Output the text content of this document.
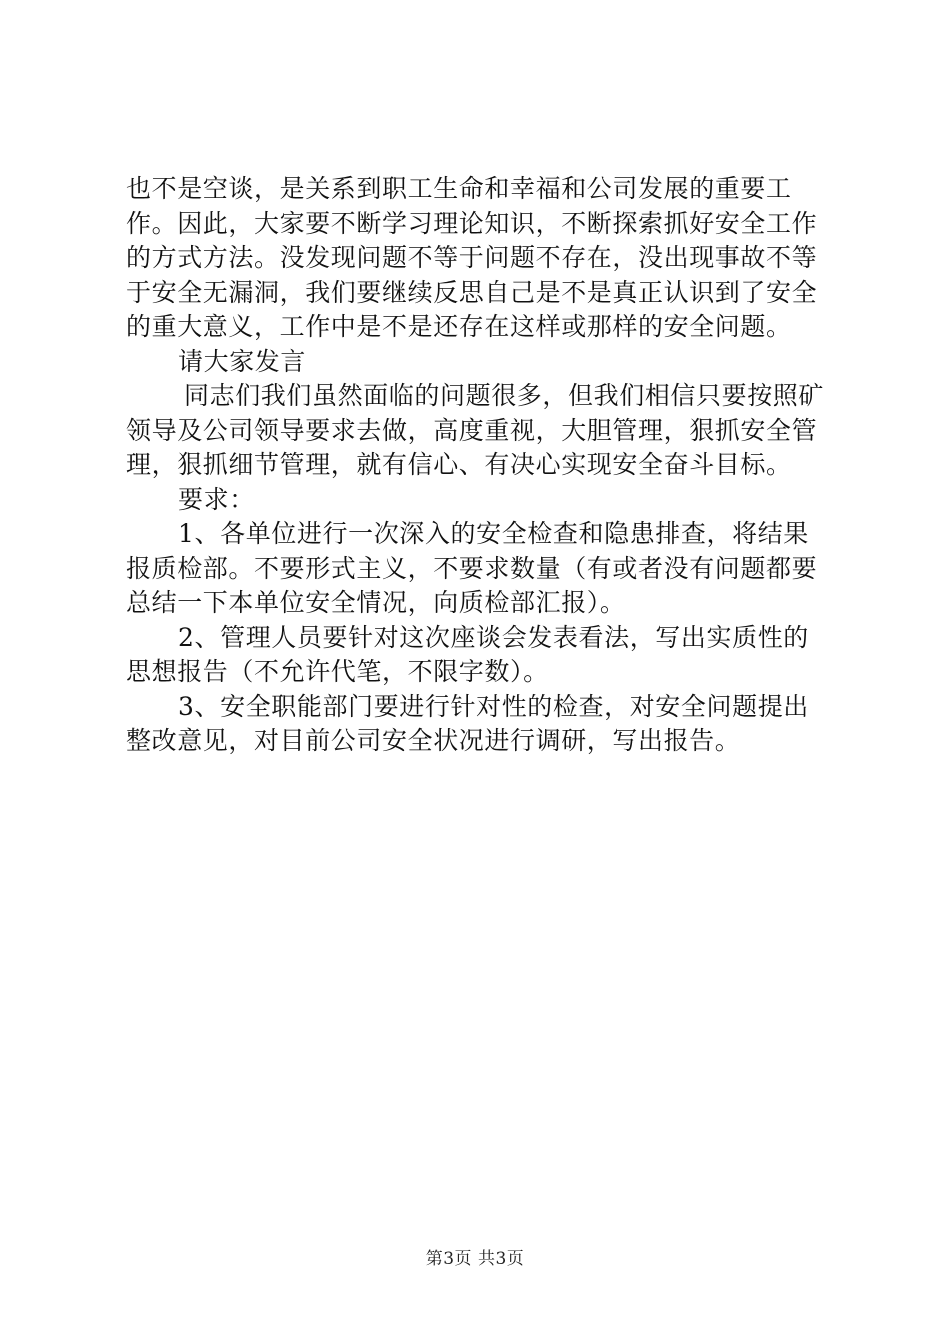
也不是空谈，是关系到职工生命和幸福和公司发展的重要工作。因此，大家要不断学习理论知识，不断探索抓好安全工作的方式方法。没发现问题不等于问题不存在，没出现事故不等于安全无漏洞，我们要继续反思自己是不是真正认识到了安全的重大意义，工作中是不是还存在这样或那样的安全问题。

请大家发言

同志们我们虽然面临的问题很多，但我们相信只要按照矿领导及公司领导要求去做，高度重视，大胆管理，狠抓安全管理，狠抓细节管理，就有信心、有决心实现安全奋斗目标。

要求：

1、各单位进行一次深入的安全检查和隐患排查，将结果报质检部。不要形式主义，不要求数量（有或者没有问题都要总结一下本单位安全情况，向质检部汇报）。

2、管理人员要针对这次座谈会发表看法，写出实质性的思想报告（不允许代笔，不限字数）。

3、安全职能部门要进行针对性的检查，对安全问题提出整改意见，对目前公司安全状况进行调研，写出报告。

第3页 共3页
